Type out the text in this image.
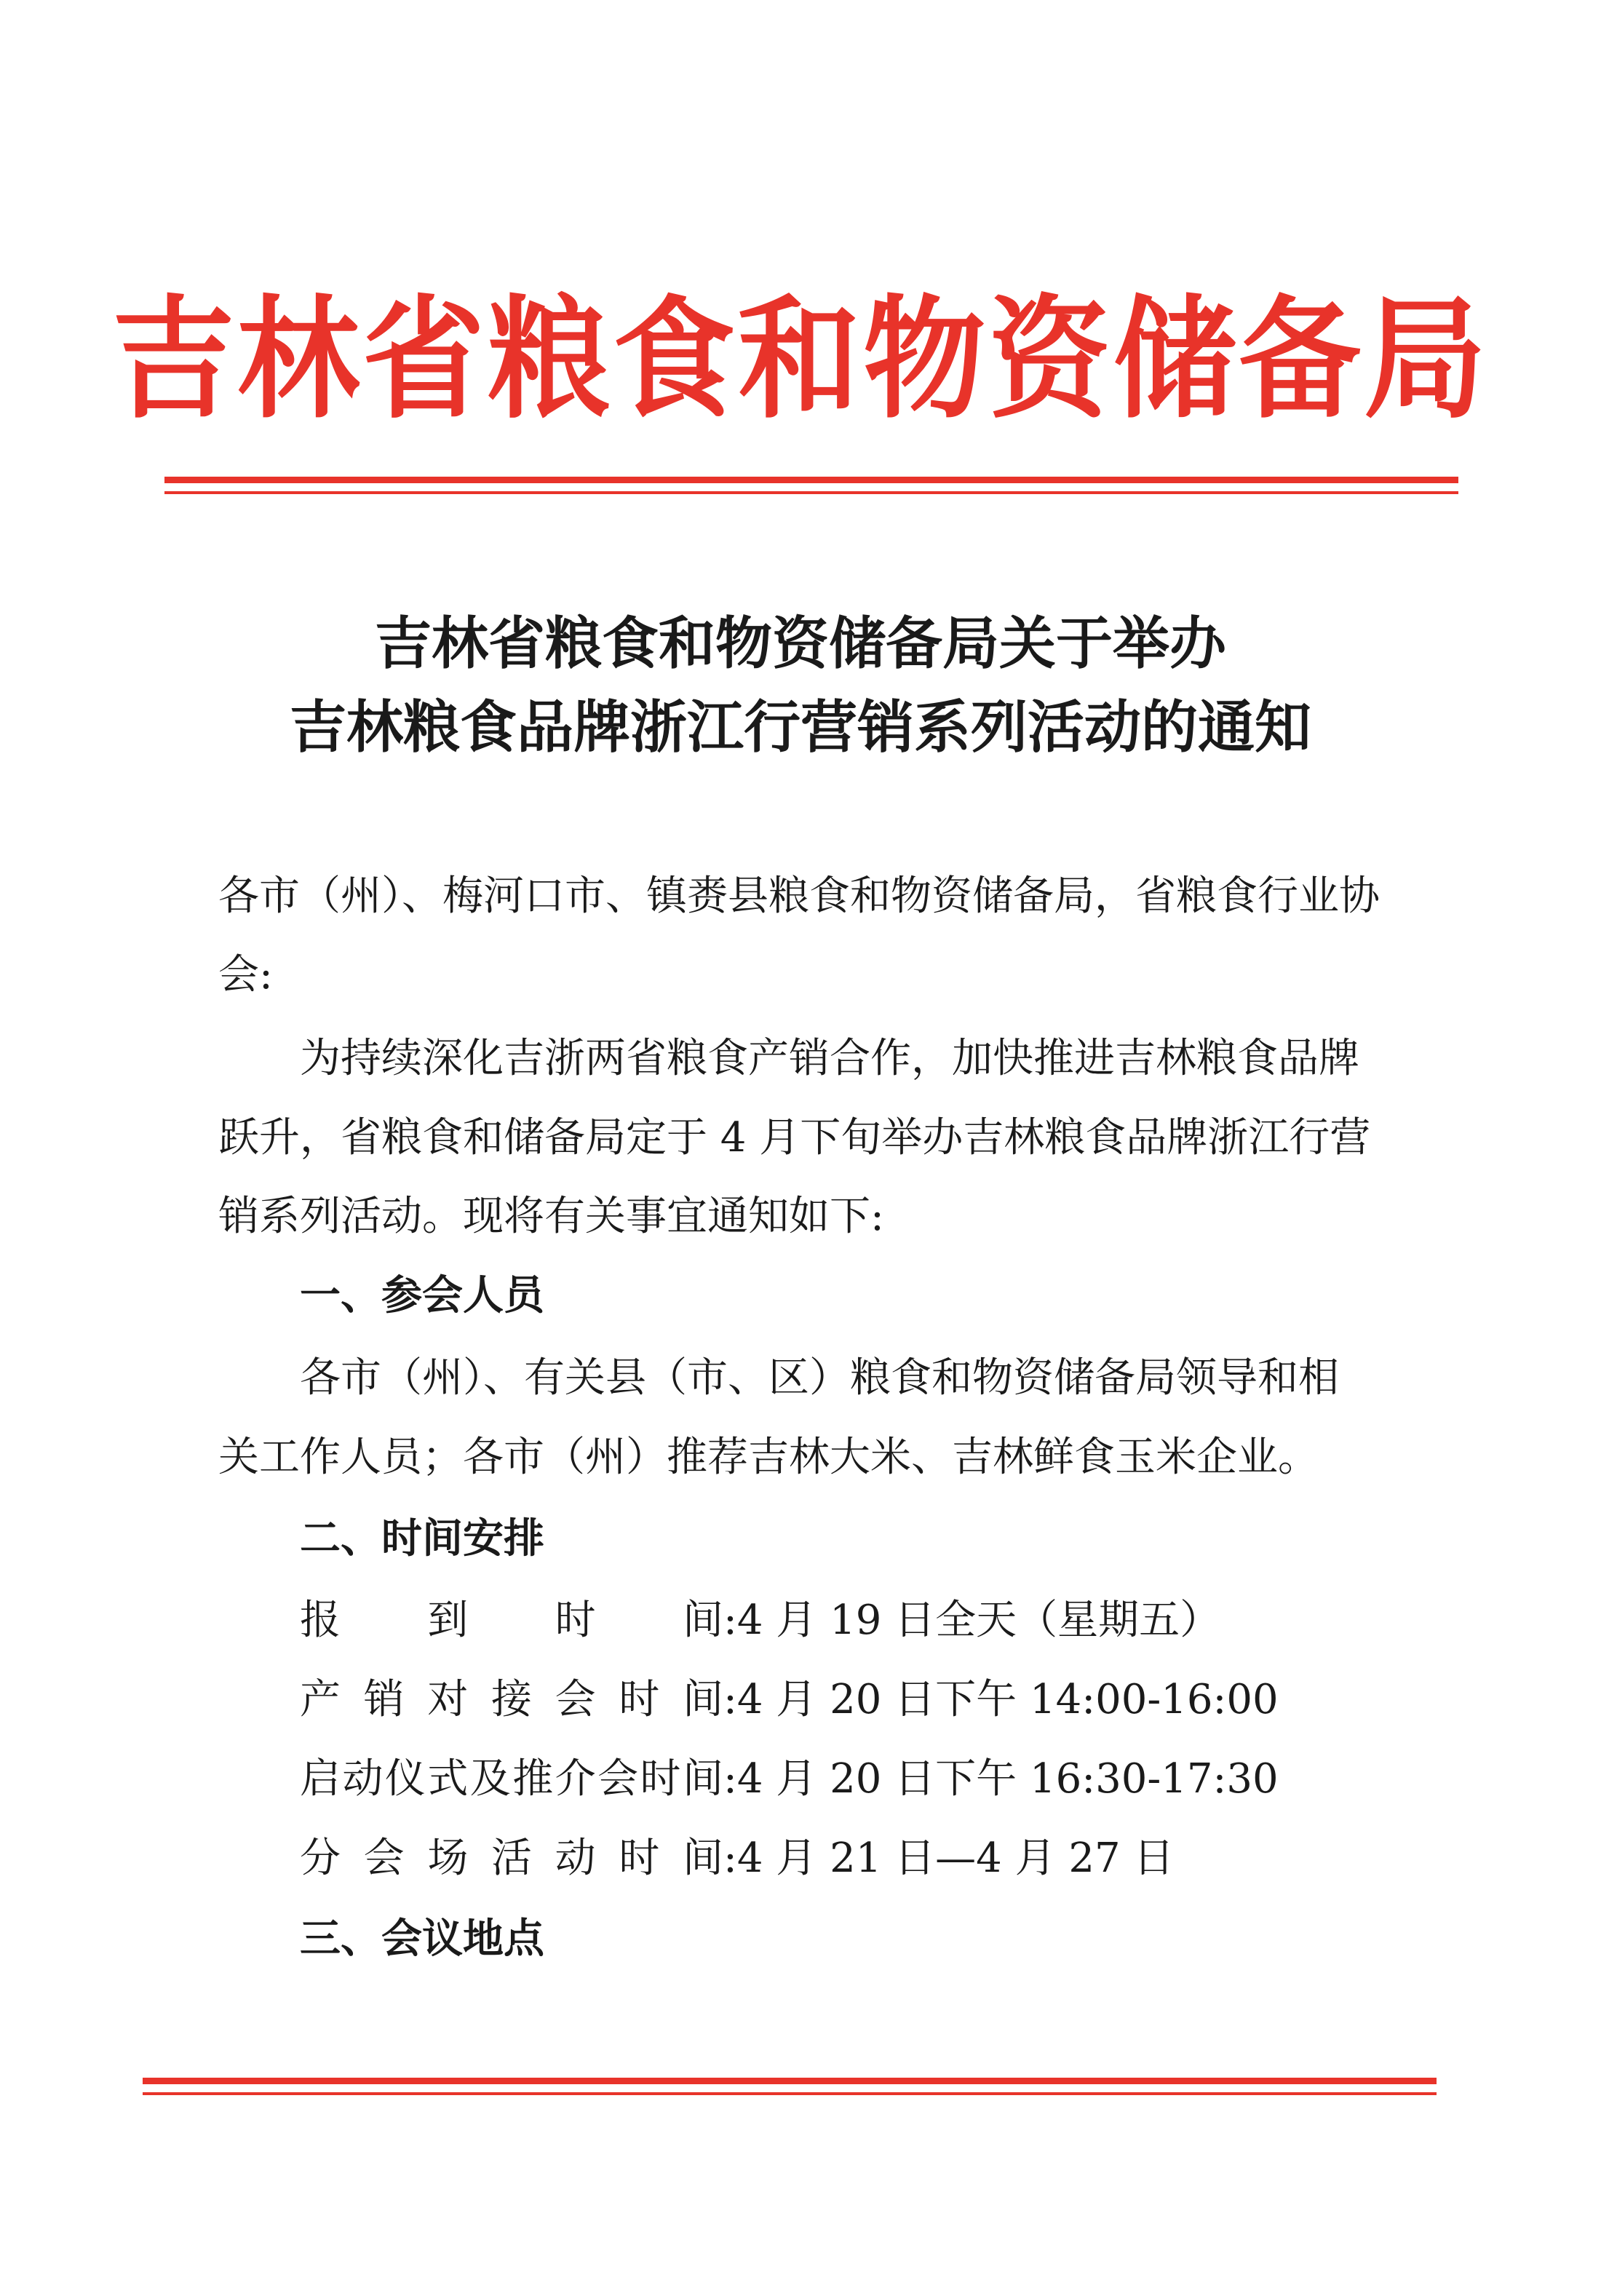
吉林省粮食和物资储备局
吉林省粮食和物资储备局关于举办
吉林粮食品牌浙江行营销系列活动的通知
各市（州）、梅河口市、镇赉县粮食和物资储备局，省粮食行业协
会:
为持续深化吉浙两省粮食产销合作，加快推进吉林粮食品牌
跃升，省粮食和储备局定于 4 月下旬举办吉林粮食品牌浙江行营
销系列活动。现将有关事宜通知如下:
一、参会人员
各市（州）、有关县（市、区）粮食和物资储备局领导和相
关工作人员；各市（州）推荐吉林大米、吉林鲜食玉米企业。
二、时间安排
报到时间:4 月 19 日全天（星期五）
产销对接会时间:4 月 20 日下午 14:00-16:00
启动仪式及推介会时间:4 月 20 日下午 16:30-17:30
分会场活动时间:4 月 21 日—4 月 27 日
三、会议地点
